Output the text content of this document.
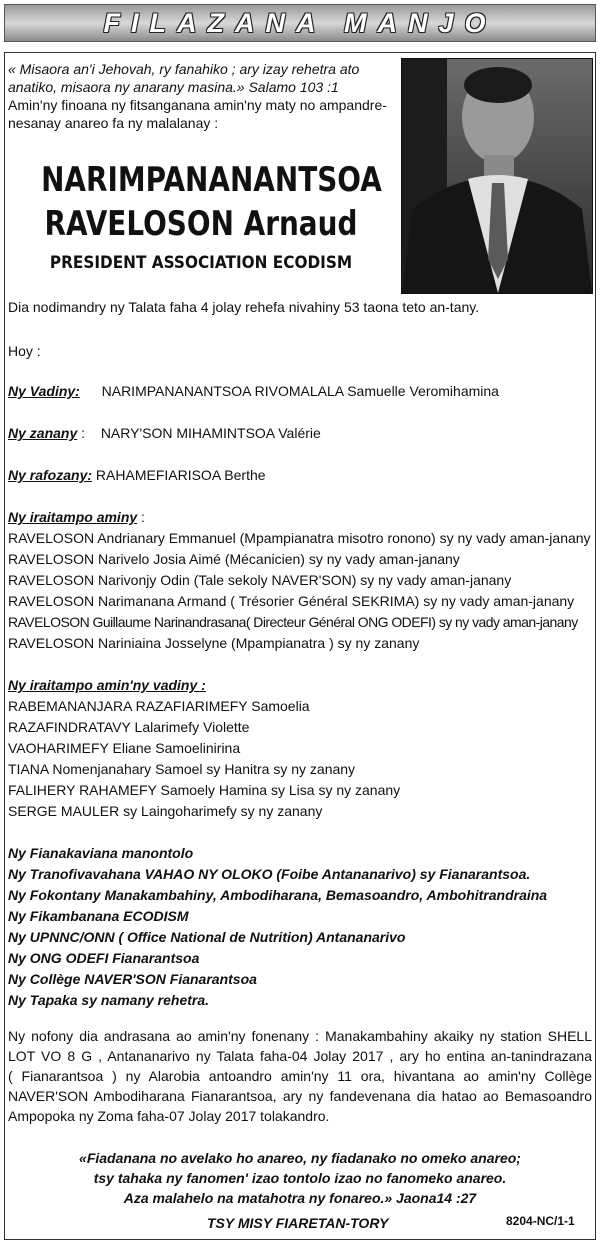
FILAZANA MANJO
« Misaora an'i Jehovah, ry fanahiko ; ary izay rehetra ato
anatiko, misaora ny anarany masina.» Salamo 103 :1
Amin'ny finoana ny fitsanganana amin'ny maty no ampandre-
nesanay anareo fa ny malalanay :
NARIMPANANANTSOA
RAVELOSON Arnaud
PRESIDENT ASSOCIATION ECODISM
Dia nodimandry ny Talata faha 4 jolay rehefa nivahiny 53 taona teto an-tany.
Hoy :
Ny Vadiny: NARIMPANANANTSOA RIVOMALALA Samuelle Veromihamina
Ny zanany : NARY'SON MIHAMINTSOA Valérie
Ny rafozany: RAHAMEFIARISOA Berthe
Ny iraitampo aminy :
RAVELOSON Andrianary Emmanuel (Mpampianatra misotro ronono) sy ny vady aman-janany
RAVELOSON Narivelo Josia Aimé (Mécanicien) sy ny vady aman-janany
RAVELOSON Narivonjy Odin (Tale sekoly NAVER'SON) sy ny vady aman-janany
RAVELOSON Narimanana Armand ( Trésorier Général SEKRIMA) sy ny vady aman-janany
RAVELOSON Guillaume Narinandrasana( Directeur Général ONG ODEFI) sy ny vady aman-janany
RAVELOSON Nariniaina Josselyne (Mpampianatra ) sy ny zanany
Ny iraitampo amin'ny vadiny :
RABEMANANJARA RAZAFIARIMEFY Samoelia
RAZAFINDRATAVY Lalarimefy Violette
VAOHARIMEFY Eliane Samoelinirina
TIANA Nomenjanahary Samoel sy Hanitra sy ny zanany
FALIHERY RAHAMEFY Samoely Hamina sy Lisa sy ny zanany
SERGE MAULER sy Laingoharimefy sy ny zanany
Ny Fianakaviana manontolo
Ny Tranofivavahana VAHAO NY OLOKO (Foibe Antananarivo) sy Fianarantsoa.
Ny Fokontany Manakambahiny, Ambodiharana, Bemasoandro, Ambohitrandraina
Ny Fikambanana ECODISM
Ny UPNNC/ONN ( Office National de Nutrition) Antananarivo
Ny ONG ODEFI Fianarantsoa
Ny Collège NAVER'SON Fianarantsoa
Ny Tapaka sy namany rehetra.
Ny nofony dia andrasana ao amin'ny fonenany : Manakambahiny akaiky ny station SHELL
LOT VO 8 G , Antananarivo ny Talata faha-04 Jolay 2017 , ary ho entina an-tanindrazana
( Fianarantsoa ) ny Alarobia antoandro amin'ny 11 ora, hivantana ao amin'ny Collège
NAVER'SON Ambodiharana Fianarantsoa, ary ny fandevenana dia hatao ao Bemasoandro
Ampopoka ny Zoma faha-07 Jolay 2017 tolakandro.
«Fiadanana no avelako ho anareo, ny fiadanako no omeko anareo;
tsy tahaka ny fanomen' izao tontolo izao no fanomeko anareo.
Aza malahelo na matahotra ny fonareo.» Jaona14 :27
TSY MISY FIARETAN-TORY	8204-NC/1-1
